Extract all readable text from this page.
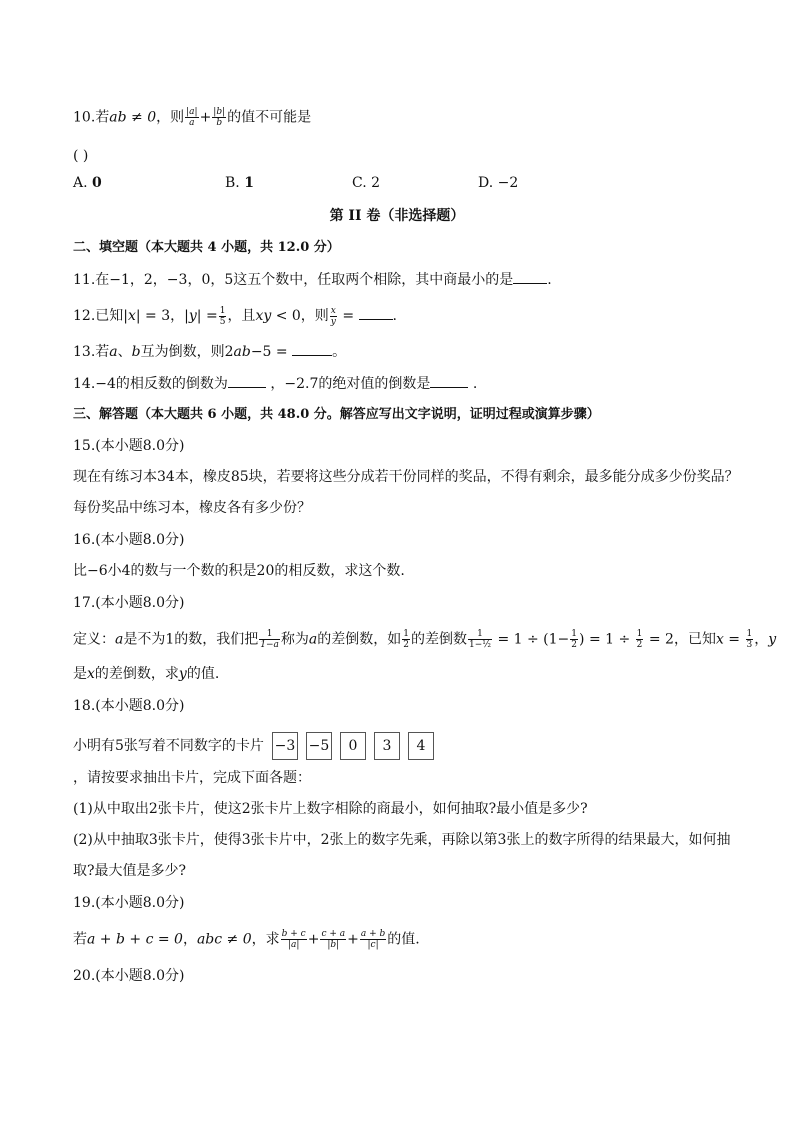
10.若ab ≠ 0，则 $\frac{|a|}{a} + \frac{|b|}{b}$ 的值不可能是
( )
A. 0	B. 1	C. 2	D. −2
第 II 卷（非选择题）
二、填空题（本大题共 4 小题，共 12.0 分）
11.在−1，2，−3，0，5这五个数中，任取两个相除，其中商最小的是 .
12.已知|x| = 3，$|y| = \frac{1}{5}$ ，且xy < 0，则 $\frac{x}{y}$ = .
13.若a、b互为倒数，则2ab−5 =	。
14.−4的相反数的倒数为	，−2.7的绝对值的倒数是	.
三、解答题（本大题共 6 小题，共 48.0 分。解答应写出文字说明，证明过程或演算步骤）
15.(本小题8.0分)
现在有练习本34本，橡皮85块，若要将这些分成若干份同样的奖品，不得有剩余，最多能分成多少份奖品？
每份奖品中练习本，橡皮各有多少份？
16.(本小题8.0分)
比−6小4的数与一个数的积是20的相反数，求这个数.
17.(本小题8.0分)
定义：a是不为1的数，我们把 $\frac{1}{1-a}$ 称为a的差倒数，如 $\frac{1}{2}$ 的差倒数 $\frac{1}{\text{1−½}} = 1 \div (1- \frac{1}{2}$ ) = $1 \div \frac{1}{2} = 2$，已知$x = \frac{1}{3}$ ，y
是x的差倒数，求y的值.
18.(本小题8.0分)
小明有5张写着不同数字的卡片 −3 −5 0 3 4
，请按要求抽出卡片，完成下面各题：
(1)从中取出2张卡片，使这2张卡片上数字相除的商最小，如何抽取?最小值是多少?
(2)从中抽取3张卡片，使得3张卡片中，2张上的数字先乘，再除以第3张上的数字所得的结果最大，如何抽
取?最大值是多少?
19.(本小题8.0分)
若a + b + c = 0，abc ≠ 0，求 $\frac{b + c}{|a|} + \frac{c + a}{|b|} + \frac{a + b}{|c|}$ 的值.
20.(本小题8.0分)
